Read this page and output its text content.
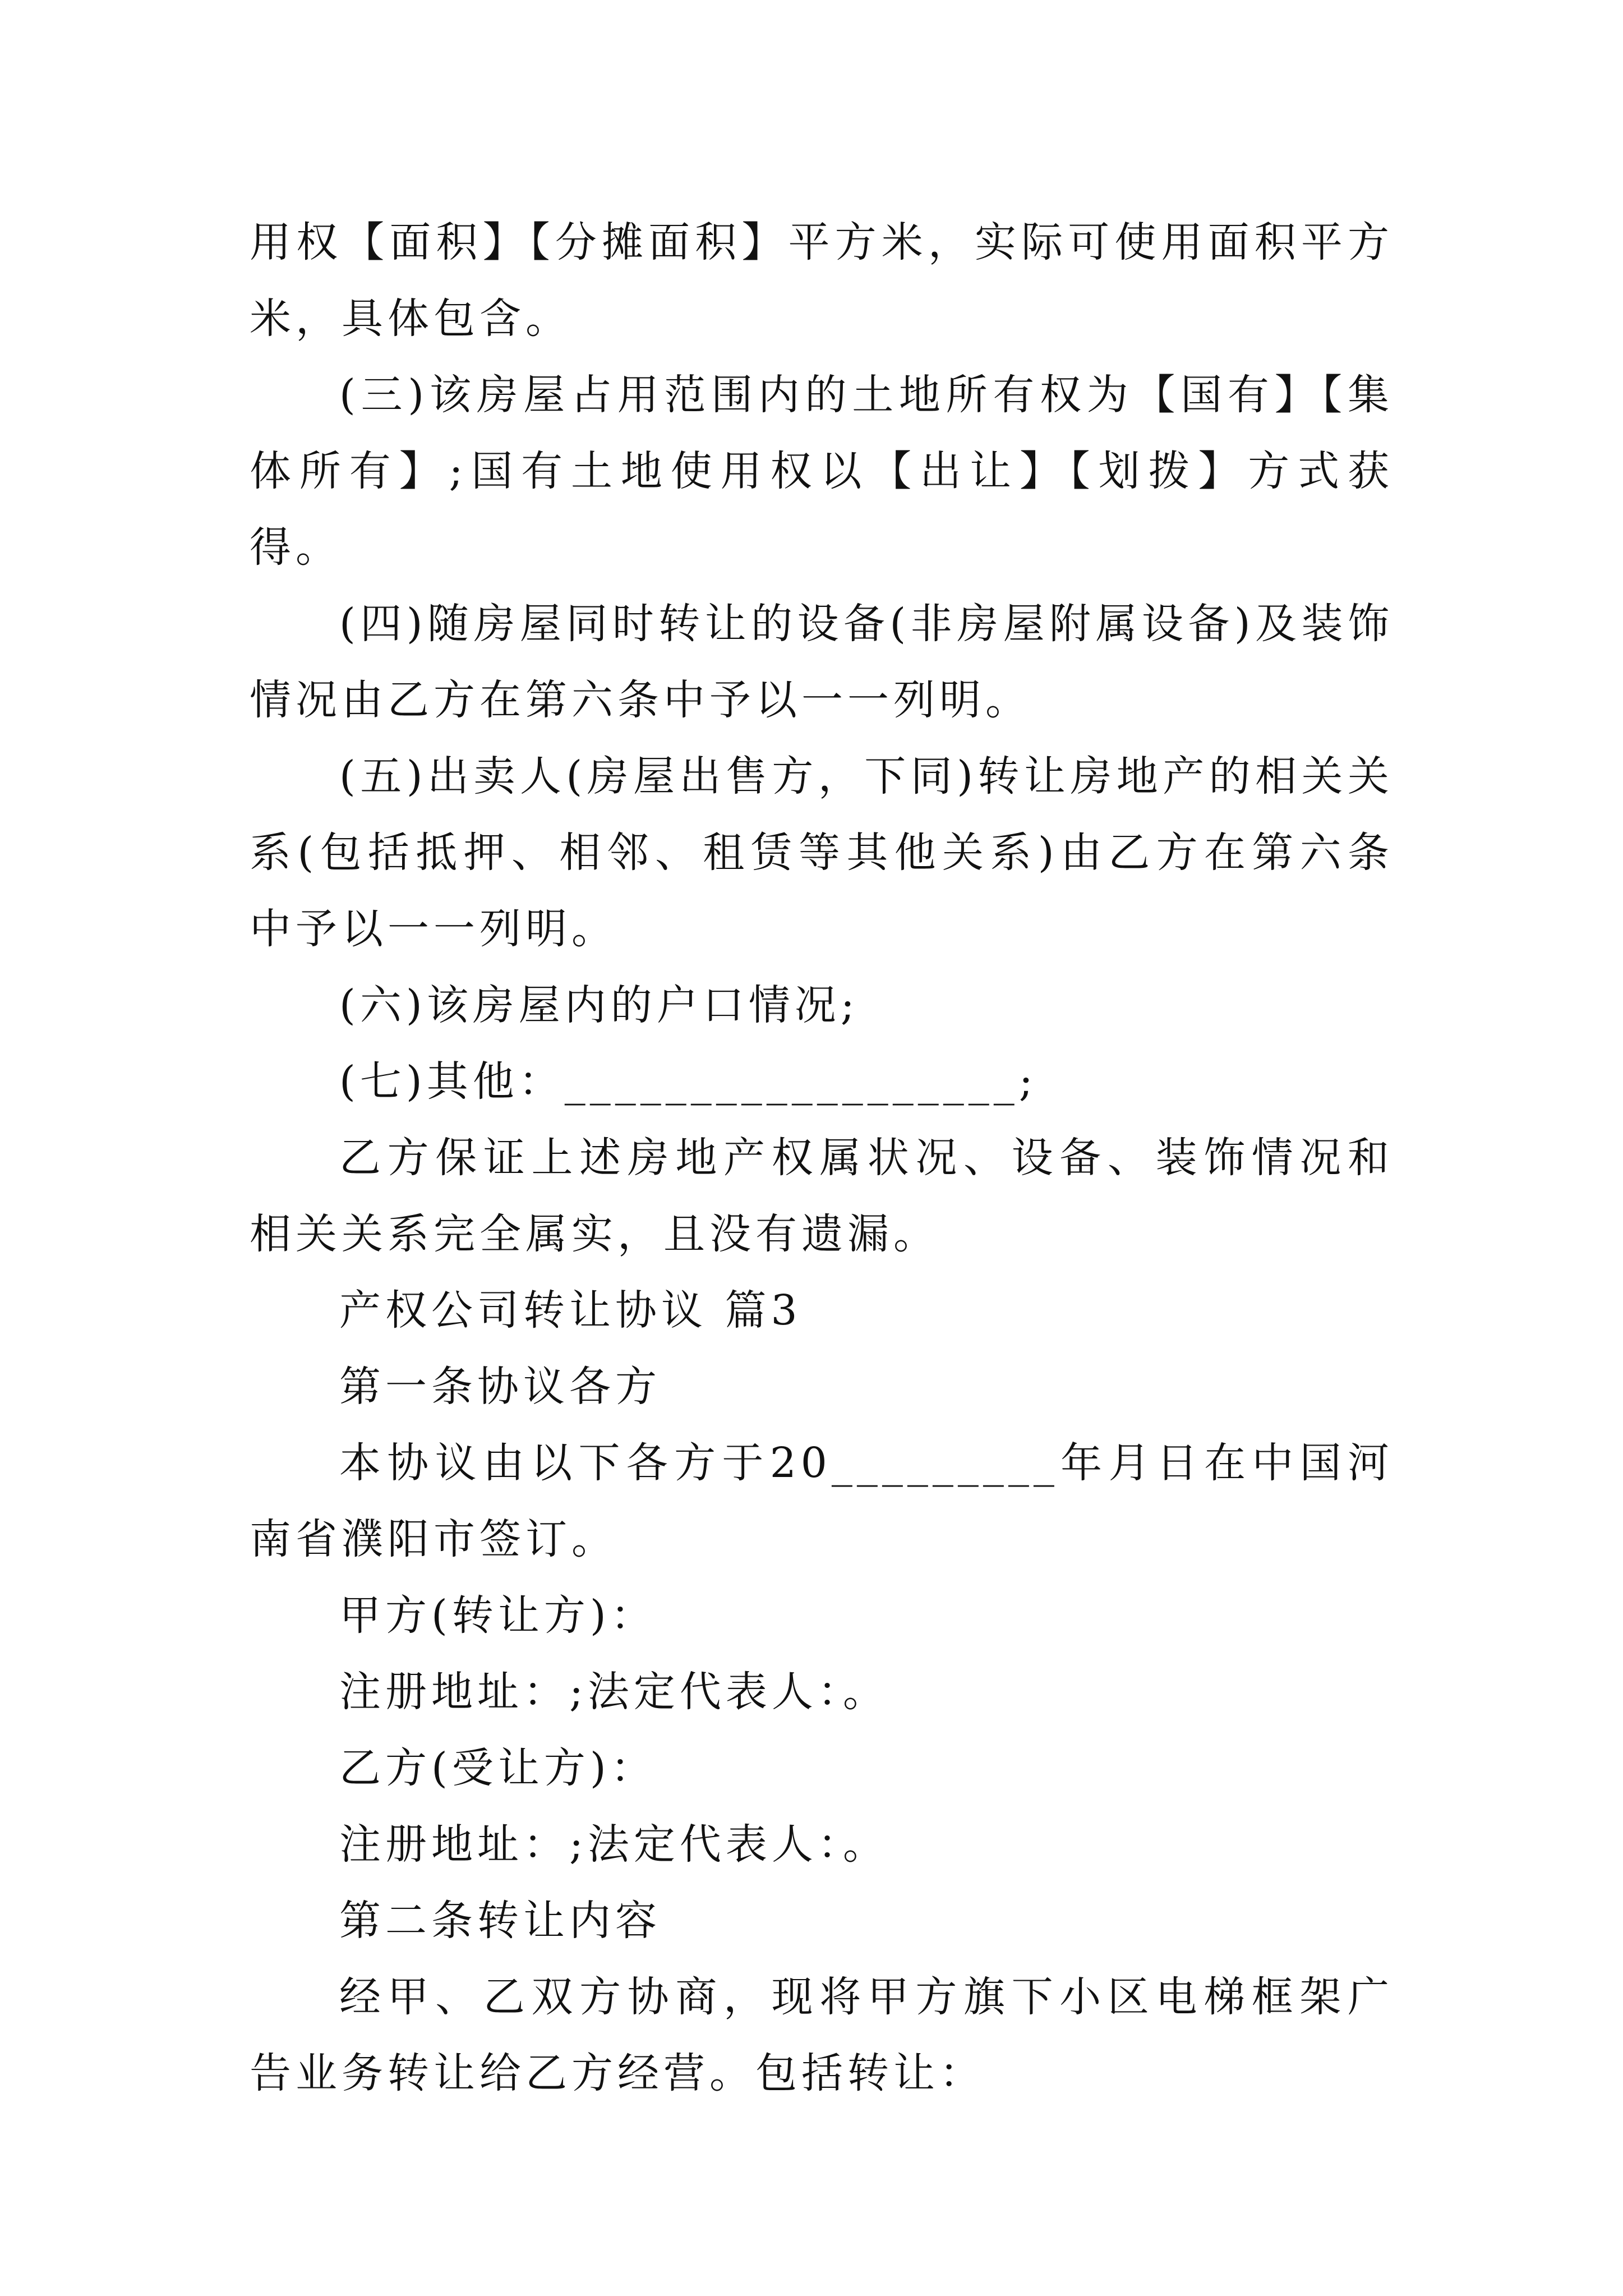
用权【面积】【分摊面积】平方米，实际可使用面积平方米，具体包含。

(三)该房屋占用范围内的土地所有权为【国有】【集体所有】;国有土地使用权以【出让】【划拨】方式获得。

(四)随房屋同时转让的设备(非房屋附属设备)及装饰情况由乙方在第六条中予以一一列明。

(五)出卖人(房屋出售方，下同)转让房地产的相关关系(包括抵押、相邻、租赁等其他关系)由乙方在第六条中予以一一列明。

(六)该房屋内的户口情况;

(七)其他：__________________;

乙方保证上述房地产权属状况、设备、装饰情况和相关关系完全属实，且没有遗漏。

产权公司转让协议 篇3

第一条协议各方

本协议由以下各方于20_________年月日在中国河南省濮阳市签订。

甲方(转让方)：

注册地址：;法定代表人：。

乙方(受让方)：

注册地址：;法定代表人：。

第二条转让内容

经甲、乙双方协商，现将甲方旗下小区电梯框架广告业务转让给乙方经营。包括转让：
